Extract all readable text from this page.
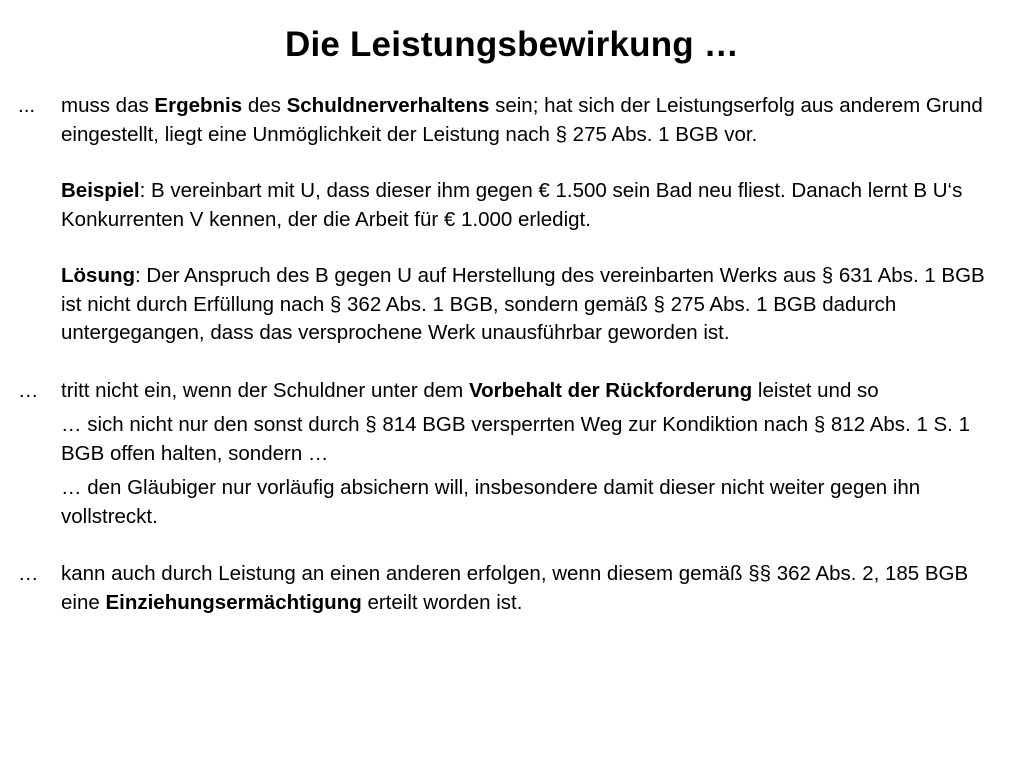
Die Leistungsbewirkung …
... muss das Ergebnis des Schuldnerverhaltens sein; hat sich der Leistungserfolg aus anderem Grund eingestellt, liegt eine Unmöglichkeit der Leistung nach § 275 Abs. 1 BGB vor.

Beispiel: B vereinbart mit U, dass dieser ihm gegen € 1.500 sein Bad neu fliest. Danach lernt B U‘s Konkurrenten V kennen, der die Arbeit für € 1.000 erledigt.

Lösung: Der Anspruch des B gegen U auf Herstellung des vereinbarten Werks aus § 631 Abs. 1 BGB ist nicht durch Erfüllung nach § 362 Abs. 1 BGB, sondern gemäß § 275 Abs. 1 BGB dadurch untergegangen, dass das versprochene Werk unausführbar geworden ist.

… tritt nicht ein, wenn der Schuldner unter dem Vorbehalt der Rückforderung leistet und so

… sich nicht nur den sonst durch § 814 BGB versperrten Weg zur Kondiktion nach § 812 Abs. 1 S. 1 BGB offen halten, sondern …

… den Gläubiger nur vorläufig absichern will, insbesondere damit dieser nicht weiter gegen ihn vollstreckt.

… kann auch durch Leistung an einen anderen erfolgen, wenn diesem gemäß §§ 362 Abs. 2, 185 BGB eine Einziehungsermächtigung erteilt worden ist.
